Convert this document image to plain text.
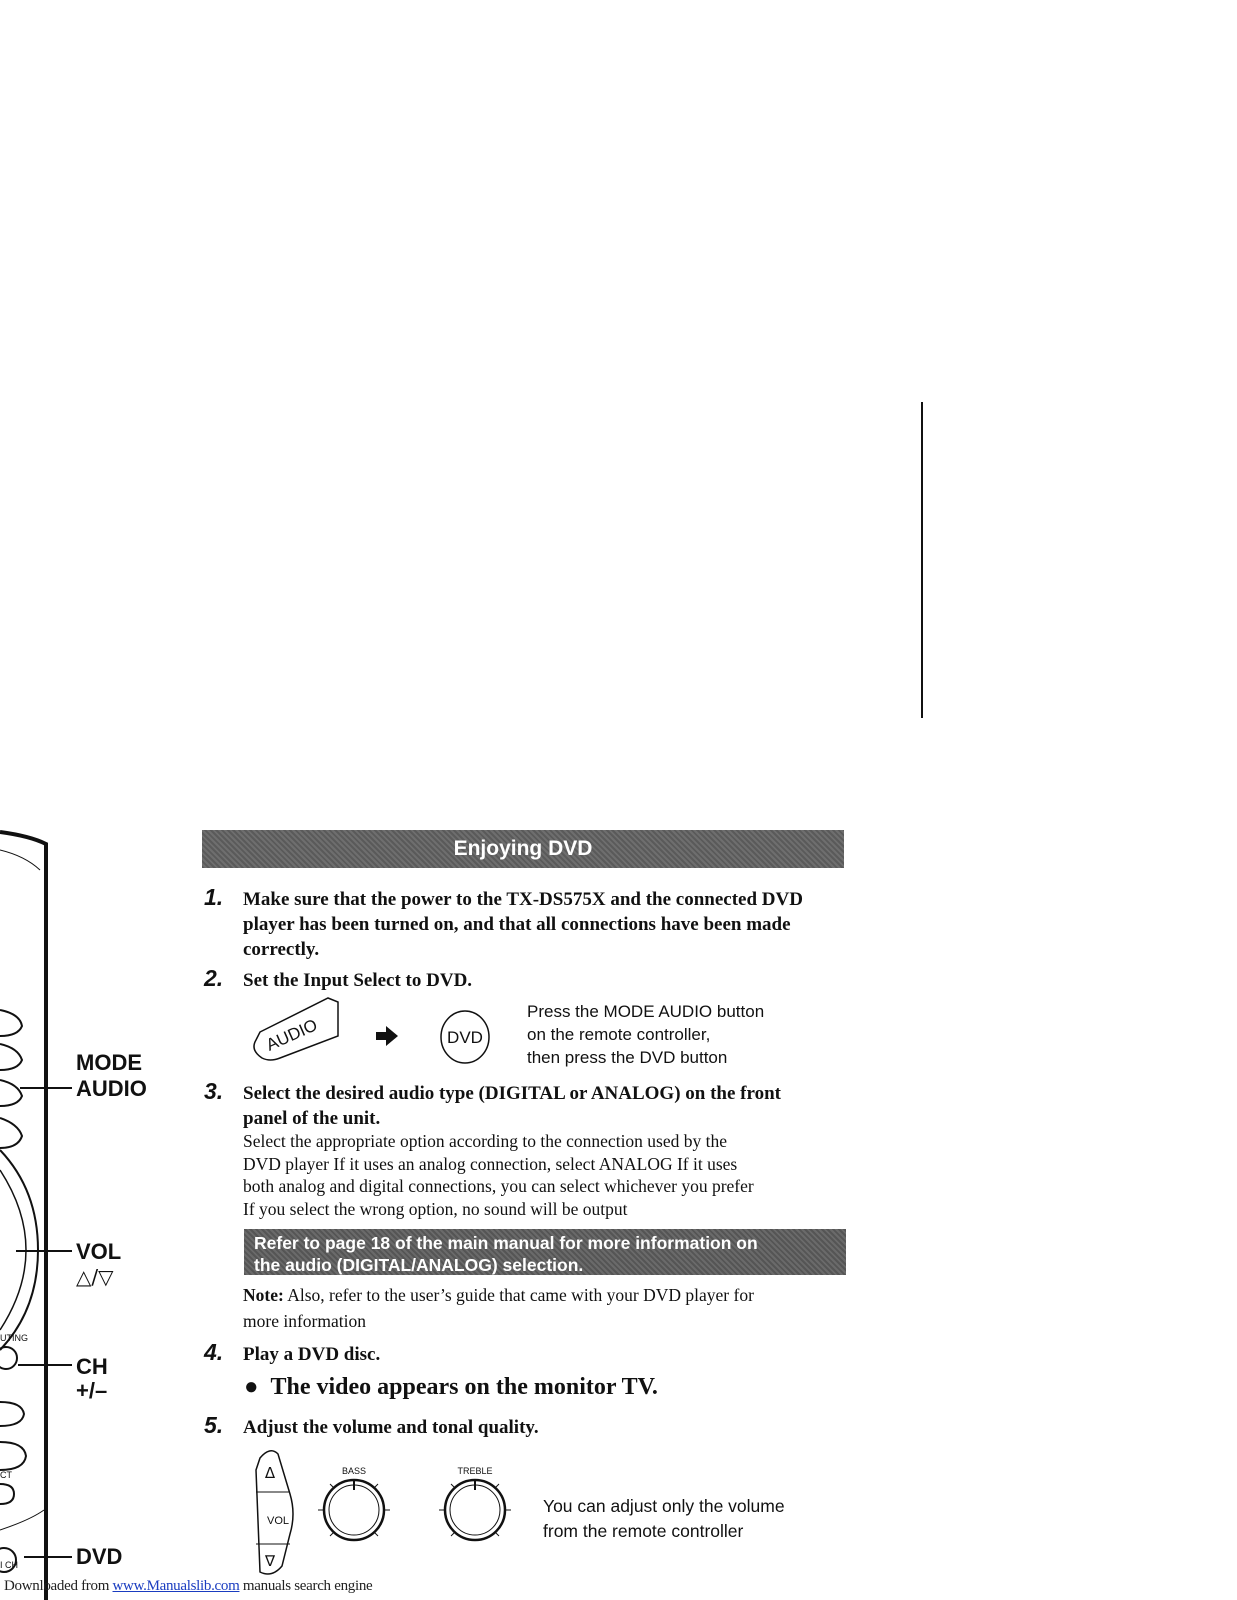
UTING
CT
I CH
MODE
AUDIO
VOL
△/▽
CH
+/–
DVD
Enjoying DVD
1. Make sure that the power to the TX-DS575X and the connected DVD
player has been turned on, and that all connections have been made
correctly.
2. Set the Input Select to DVD.
AUDIO	DVD
Press the MODE AUDIO button
on the remote controller,
then press the DVD button
3. Select the desired audio type (DIGITAL or ANALOG) on the front
panel of the unit.
Select the appropriate option according to the connection used by the
DVD player If it uses an analog connection, select ANALOG If it uses
both analog and digital connections, you can select whichever you prefer
If you select the wrong option, no sound will be output
Refer to page 18 of the main manual for more information on
the audio (DIGITAL/ANALOG) selection.
Note: Also, refer to the user’s guide that came with your DVD player for
more information
4. Play a DVD disc.
● The video appears on the monitor TV.
5. Adjust the volume and tonal quality.
Δ
VOL
∇
BASS	TREBLE
You can adjust only the volume
from the remote controller
Downloaded from www.Manualslib.com manuals search engine
